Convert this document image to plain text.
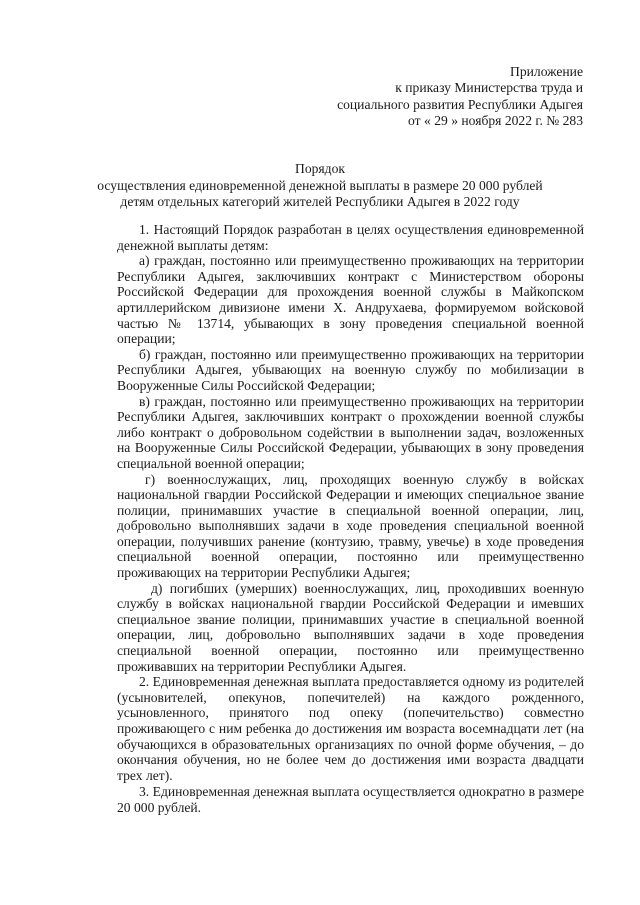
Приложение
к приказу Министерства труда и
социального развития Республики Адыгея
от « 29 » ноября 2022 г. № 283
Порядок
осуществления единовременной денежной выплаты в размере 20 000 рублей
детям отдельных категорий жителей Республики Адыгея в 2022 году

1. Настоящий Порядок разработан в целях осуществления единовременной денежной выплаты детям:

а) граждан, постоянно или преимущественно проживающих на территории Республики Адыгея, заключивших контракт с Министерством обороны Российской Федерации для прохождения военной службы в Майкопском артиллерийском дивизионе имени Х. Андрухаева, формируемом войсковой частью № 13714, убывающих в зону проведения специальной военной операции;

б) граждан, постоянно или преимущественно проживающих на территории Республики Адыгея, убывающих на военную службу по мобилизации в Вооруженные Силы Российской Федерации;

в) граждан, постоянно или преимущественно проживающих на территории Республики Адыгея, заключивших контракт о прохождении военной службы либо контракт о добровольном содействии в выполнении задач, возложенных на Вооруженные Силы Российской Федерации, убывающих в зону проведения специальной военной операции;

г) военнослужащих, лиц, проходящих военную службу в войсках национальной гвардии Российской Федерации и имеющих специальное звание полиции, принимавших участие в специальной военной операции, лиц, добровольно выполнявших задачи в ходе проведения специальной военной операции, получивших ранение (контузию, травму, увечье) в ходе проведения специальной военной операции, постоянно или преимущественно проживающих на территории Республики Адыгея;

д) погибших (умерших) военнослужащих, лиц, проходивших военную службу в войсках национальной гвардии Российской Федерации и имевших специальное звание полиции, принимавших участие в специальной военной операции, лиц, добровольно выполнявших задачи в ходе проведения специальной военной операции, постоянно или преимущественно проживавших на территории Республики Адыгея.

2. Единовременная денежная выплата предоставляется одному из родителей (усыновителей, опекунов, попечителей) на каждого рожденного, усыновленного, принятого под опеку (попечительство) совместно проживающего с ним ребенка до достижения им возраста восемнадцати лет (на обучающихся в образовательных организациях по очной форме обучения, – до окончания обучения, но не более чем до достижения ими возраста двадцати трех лет).

3. Единовременная денежная выплата осуществляется однократно в размере 20 000 рублей.
